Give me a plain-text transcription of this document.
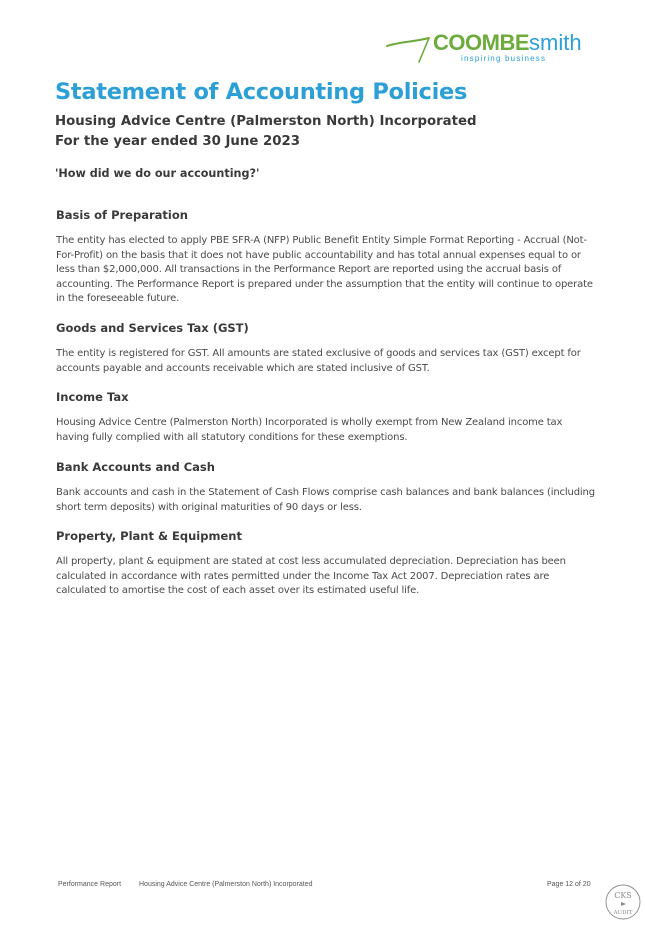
COOMBEsmith
inspiring business
Statement of Accounting Policies
Housing Advice Centre (Palmerston North) Incorporated
For the year ended 30 June 2023
'How did we do our accounting?'
Basis of Preparation

The entity has elected to apply PBE SFR-A (NFP) Public Benefit Entity Simple Format Reporting - Accrual (Not-For-Profit) on the basis that it does not have public accountability and has total annual expenses equal to or less than $2,000,000. All transactions in the Performance Report are reported using the accrual basis of accounting. The Performance Report is prepared under the assumption that the entity will continue to operate in the foreseeable future.

Goods and Services Tax (GST)

The entity is registered for GST. All amounts are stated exclusive of goods and services tax (GST) except for accounts payable and accounts receivable which are stated inclusive of GST.

Income Tax

Housing Advice Centre (Palmerston North) Incorporated is wholly exempt from New Zealand income tax having fully complied with all statutory conditions for these exemptions.

Bank Accounts and Cash

Bank accounts and cash in the Statement of Cash Flows comprise cash balances and bank balances (including short term deposits) with original maturities of 90 days or less.

Property, Plant & Equipment

All property, plant & equipment are stated at cost less accumulated depreciation. Depreciation has been calculated in accordance with rates permitted under the Income Tax Act 2007. Depreciation rates are calculated to amortise the cost of each asset over its estimated useful life.

Performance Report	Housing Advice Centre (Palmerston North) Incorporated	Page 12 of 20
CKS
AUDIT
